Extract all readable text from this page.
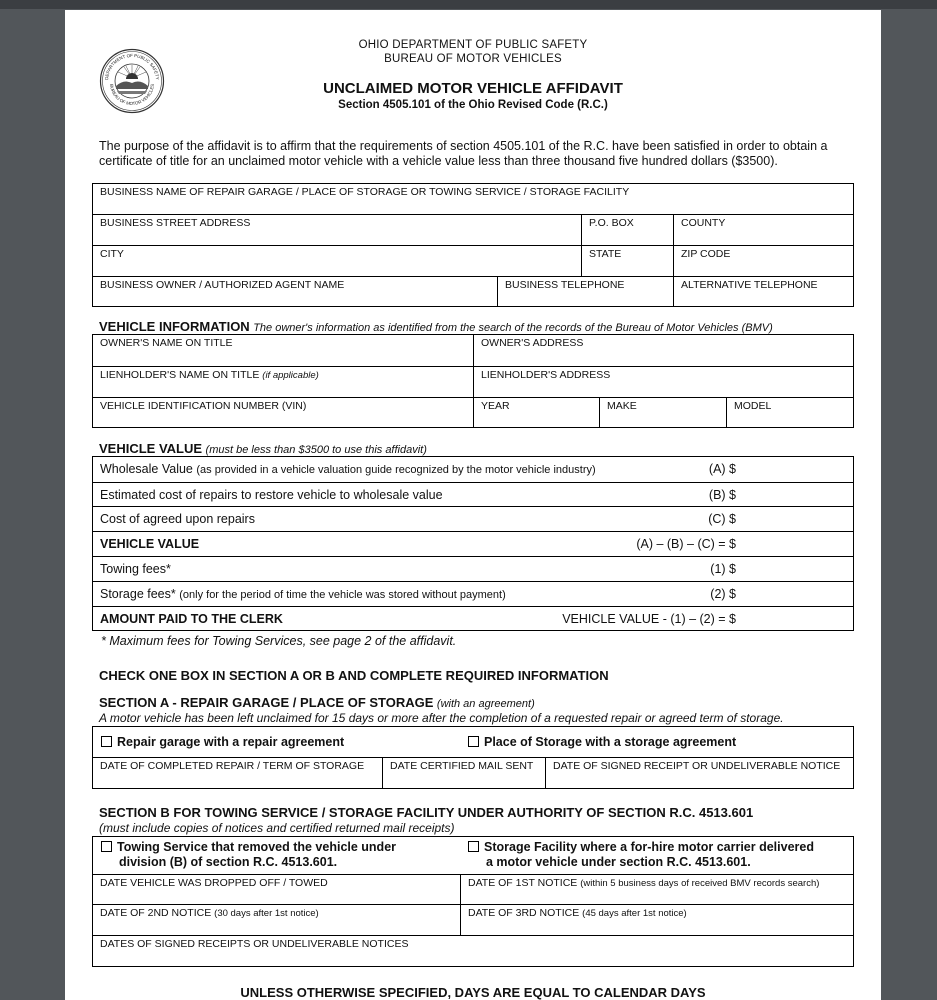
DEPARTMENT OF PUBLIC SAFETY
BUREAU OF MOTOR VEHICLES
OHIO DEPARTMENT OF PUBLIC SAFETY
BUREAU OF MOTOR VEHICLES
UNCLAIMED MOTOR VEHICLE AFFIDAVIT
Section 4505.101 of the Ohio Revised Code (R.C.)
The purpose of the affidavit is to affirm that the requirements of section 4505.101 of the R.C. have been satisfied in order to obtain a certificate of title for an unclaimed motor vehicle with a vehicle value less than three thousand five hundred dollars ($3500).
BUSINESS NAME OF REPAIR GARAGE / PLACE OF STORAGE OR TOWING SERVICE / STORAGE FACILITY
BUSINESS STREET ADDRESS	P.O. BOX	COUNTY
CITY	STATE	ZIP CODE
BUSINESS OWNER / AUTHORIZED AGENT NAME	BUSINESS TELEPHONE	ALTERNATIVE TELEPHONE
VEHICLE INFORMATION The owner's information as identified from the search of the records of the Bureau of Motor Vehicles (BMV)
OWNER'S NAME ON TITLE	OWNER'S ADDRESS
LIENHOLDER'S NAME ON TITLE (if applicable)	LIENHOLDER'S ADDRESS
VEHICLE IDENTIFICATION NUMBER (VIN)	YEAR	MAKE	MODEL
VEHICLE VALUE (must be less than $3500 to use this affidavit)
Wholesale Value (as provided in a vehicle valuation guide recognized by the motor vehicle industry)	(A) $
Estimated cost of repairs to restore vehicle to wholesale value	(B) $
Cost of agreed upon repairs	(C) $
VEHICLE VALUE	(A) – (B) – (C) = $
Towing fees*	(1) $
Storage fees* (only for the period of time the vehicle was stored without payment)	(2) $
AMOUNT PAID TO THE CLERK	VEHICLE VALUE - (1) – (2) = $
* Maximum fees for Towing Services, see page 2 of the affidavit.
CHECK ONE BOX IN SECTION A OR B AND COMPLETE REQUIRED INFORMATION
SECTION A - REPAIR GARAGE / PLACE OF STORAGE (with an agreement)
A motor vehicle has been left unclaimed for 15 days or more after the completion of a requested repair or agreed term of storage.
Repair garage with a repair agreement	Place of Storage with a storage agreement
DATE OF COMPLETED REPAIR / TERM OF STORAGE	DATE CERTIFIED MAIL SENT	DATE OF SIGNED RECEIPT OR UNDELIVERABLE NOTICE
SECTION B FOR TOWING SERVICE / STORAGE FACILITY UNDER AUTHORITY OF SECTION R.C. 4513.601
(must include copies of notices and certified returned mail receipts)
Towing Service that removed the vehicle under
division (B) of section R.C. 4513.601.
Storage Facility where a for-hire motor carrier delivered
a motor vehicle under section R.C. 4513.601.
DATE VEHICLE WAS DROPPED OFF / TOWED	DATE OF 1ST NOTICE (within 5 business days of received BMV records search)
DATE OF 2ND NOTICE (30 days after 1st notice)	DATE OF 3RD NOTICE (45 days after 1st notice)
DATES OF SIGNED RECEIPTS OR UNDELIVERABLE NOTICES
UNLESS OTHERWISE SPECIFIED, DAYS ARE EQUAL TO CALENDAR DAYS
